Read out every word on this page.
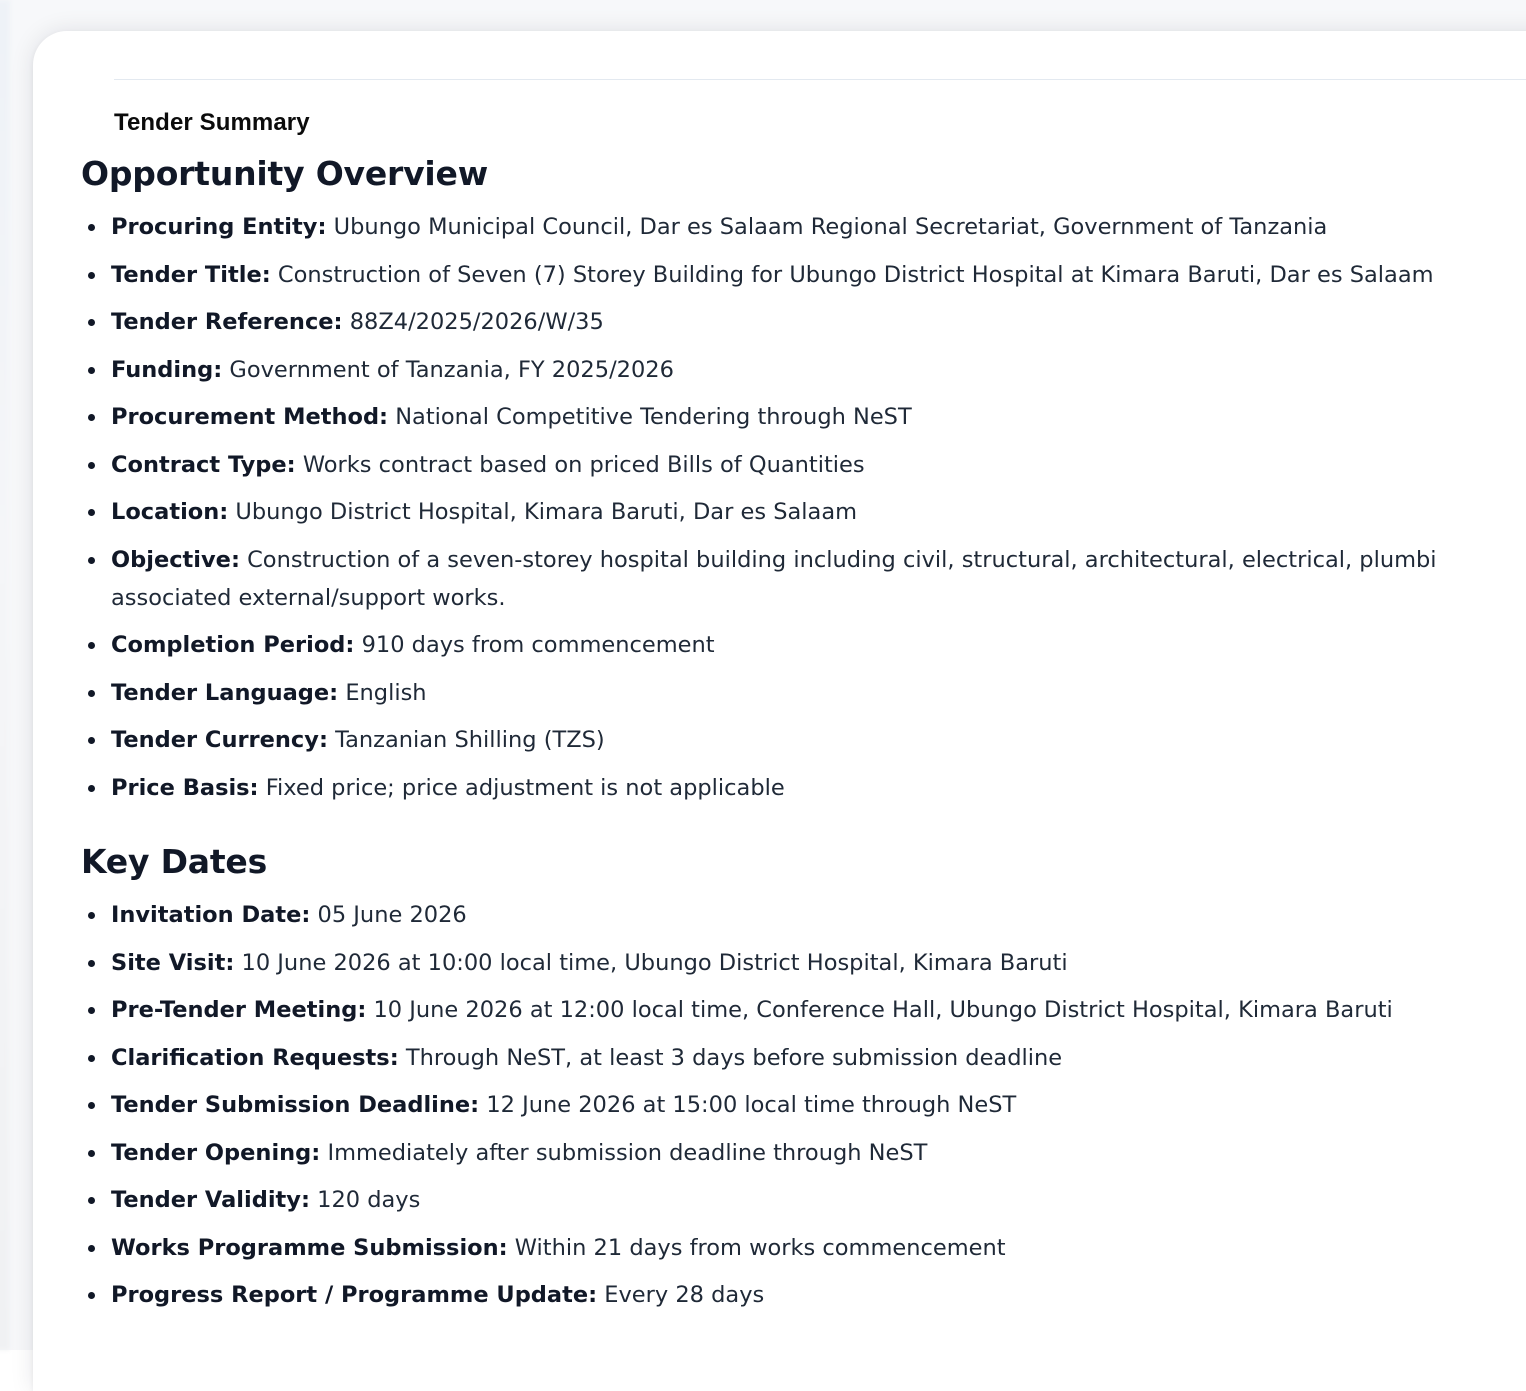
Tender Summary
Opportunity Overview
Procuring Entity: Ubungo Municipal Council, Dar es Salaam Regional Secretariat, Government of Tanzania
Tender Title: Construction of Seven (7) Storey Building for Ubungo District Hospital at Kimara Baruti, Dar es Salaam
Tender Reference: 88Z4/2025/2026/W/35
Funding: Government of Tanzania, FY 2025/2026
Procurement Method: National Competitive Tendering through NeST
Contract Type: Works contract based on priced Bills of Quantities
Location: Ubungo District Hospital, Kimara Baruti, Dar es Salaam
Objective: Construction of a seven-storey hospital building including civil, structural, architectural, electrical, plumbi associated external/support works.
Completion Period: 910 days from commencement
Tender Language: English
Tender Currency: Tanzanian Shilling (TZS)
Price Basis: Fixed price; price adjustment is not applicable
Key Dates
Invitation Date: 05 June 2026
Site Visit: 10 June 2026 at 10:00 local time, Ubungo District Hospital, Kimara Baruti
Pre-Tender Meeting: 10 June 2026 at 12:00 local time, Conference Hall, Ubungo District Hospital, Kimara Baruti
Clarification Requests: Through NeST, at least 3 days before submission deadline
Tender Submission Deadline: 12 June 2026 at 15:00 local time through NeST
Tender Opening: Immediately after submission deadline through NeST
Tender Validity: 120 days
Works Programme Submission: Within 21 days from works commencement
Progress Report / Programme Update: Every 28 days
